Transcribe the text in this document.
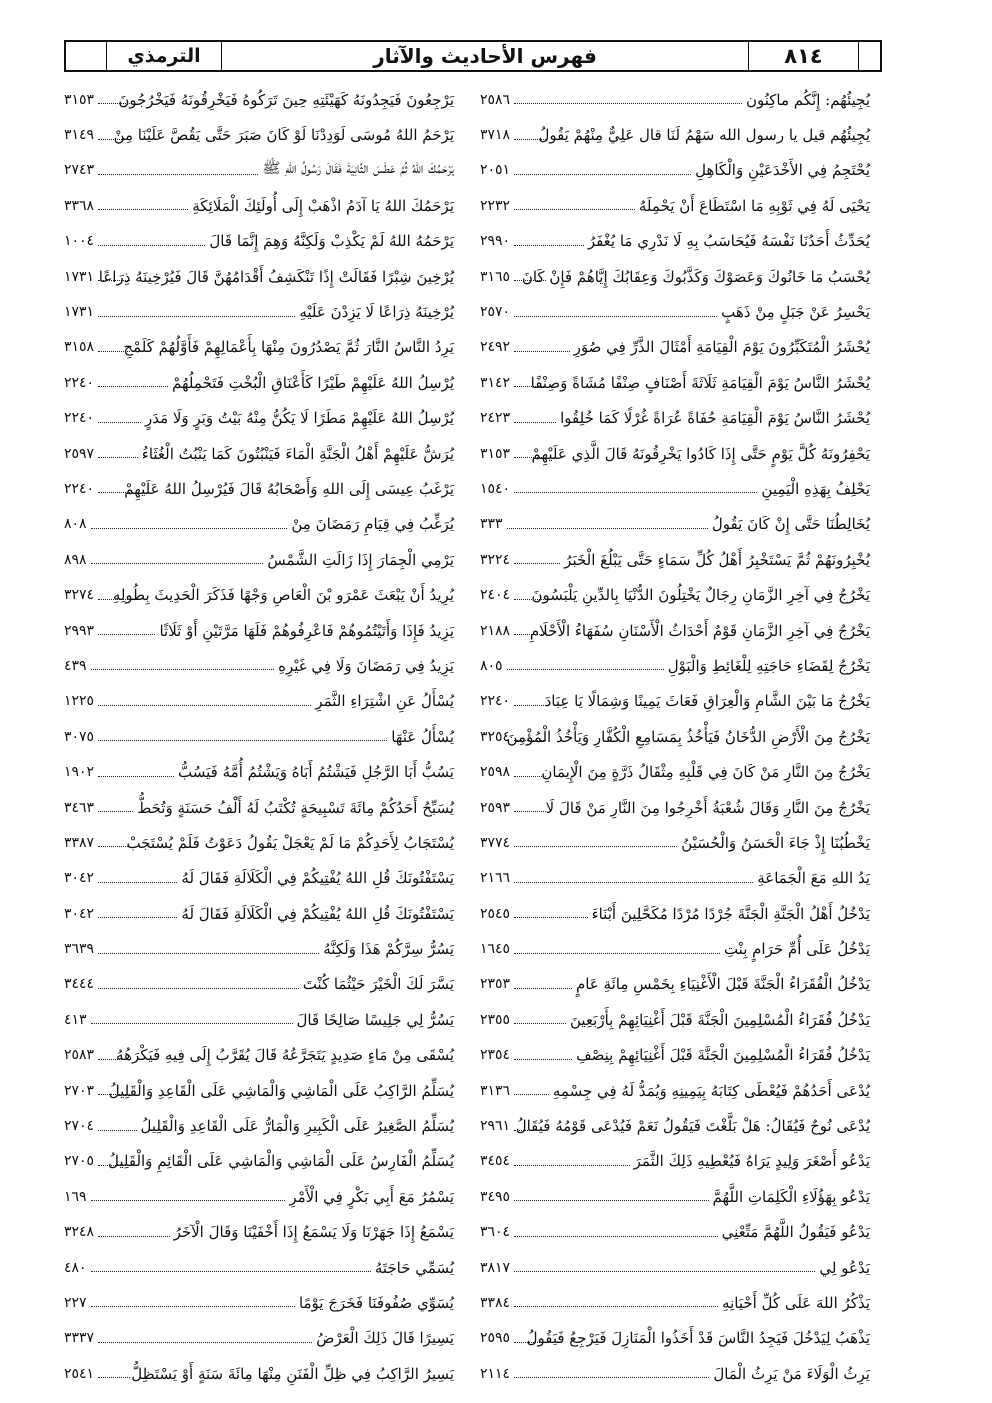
٨١٤
فهرس الأحاديث والآثار
الترمذي
يُجِيئُهُم: إِنَّكُم ماكِنُون
٢٥٨٦
يُجِيئُهُم قيل يا رسول الله سَهْمُ لَنَا قال عَلِيٌّ مِنْهُمْ يَقُولُ
٣٧١٨
يُحْتَجِمُ فِي الأَخْدَعَيْنِ وَالْكَاهِلِ
٢٠٥١
يَحْيَى لَهُ فِي ثَوْبِهِ مَا اسْتَطَاعَ أَنْ يَحْمِلَهُ
٢٢٣٢
يُحَدِّثُ أَحَدُنَا نَفْسَهُ فَيُحَاسَبُ بِهِ لَا نَدْرِي مَا يُغْفَرُ
٢٩٩٠
يُحْسَبُ مَا خَانُوكَ وَعَصَوْكَ وَكَذَّبُوكَ وَعِقَابُكَ إِيَّاهُمْ فَإِنْ كَانَ
٣١٦٥
يَحْسِرُ عَنْ جَبَلٍ مِنْ ذَهَبٍ
٢٥٧٠
يُحْشَرُ الْمُتَكَبِّرُونَ يَوْمَ الْقِيَامَةِ أَمْثَالَ الذَّرِّ فِي صُوَرِ
٢٤٩٢
يُحْشَرُ النَّاسُ يَوْمَ الْقِيَامَةِ ثَلَاثَةَ أَصْنَافٍ صِنْفًا مُشَاةً وَصِنْفًا
٣١٤٢
يُحْشَرُ النَّاسُ يَوْمَ الْقِيَامَةِ حُفَاةً عُرَاةً غُرْلًا كَمَا خُلِقُوا
٢٤٢٣
يَحْفِرُونَهُ كُلَّ يَوْمٍ حَتَّى إِذَا كَادُوا يَخْرِقُونَهُ قَالَ الَّذِي عَلَيْهِمْ
٣١٥٣
يَحْلِفُ بِهَذِهِ الْيَمِينِ
١٥٤٠
يُخَالِطُنَا حَتَّى إِنْ كَانَ يَقُولُ
٣٣٣
يُخْبِرُونَهُمْ ثُمَّ يَسْتَخْبِرُ أَهْلُ كُلِّ سَمَاءٍ حَتَّى يَبْلُغَ الْخَبَرُ
٣٢٢٤
يَخْرُجُ فِي آخِرِ الزَّمَانِ رِجَالٌ يَخْتِلُونَ الدُّنْيَا بِالدِّينِ يَلْبَسُونَ
٢٤٠٤
يَخْرُجُ فِي آخِرِ الزَّمَانِ قَوْمٌ أَحْدَاثُ الْأَسْنَانِ سُفَهَاءُ الْأَحْلَامِ
٢١٨٨
يَخْرُجُ لِقَضَاءِ حَاجَتِهِ لِلْغَائِطِ وَالْبَوْلِ
٨٠٥
يَخْرُجُ مَا بَيْنَ الشَّامِ وَالْعِرَاقِ فَعَاثَ يَمِينًا وَشِمَالًا يَا عِبَادَ
٢٢٤٠
يَخْرُجُ مِنَ الْأَرْضِ الدُّخَانُ فَيَأْخُذُ بِمَسَامِعِ الْكُفَّارِ وَيَأْخُذُ الْمُؤْمِنَ
٣٢٥٤
يَخْرُجُ مِنَ النَّارِ مَنْ كَانَ فِي قَلْبِهِ مِثْقَالُ ذَرَّةٍ مِنَ الْإِيمَانِ
٢٥٩٨
يَخْرُجُ مِنَ النَّارِ وَقَالَ شُعْبَةُ أَخْرِجُوا مِنَ النَّارِ مَنْ قَالَ لَا
٢٥٩٣
يَخْطُبُنَا إِذْ جَاءَ الْحَسَنُ وَالْحُسَيْنُ
٣٧٧٤
يَدُ اللهِ مَعَ الْجَمَاعَةِ
٢١٦٦
يَدْخُلُ أَهْلُ الْجَنَّةِ الْجَنَّةَ جُرْدًا مُرْدًا مُكَحَّلِينَ أَبْنَاءَ
٢٥٤٥
يَدْخُلُ عَلَى أُمِّ حَرَامٍ بِنْتِ
١٦٤٥
يَدْخُلُ الْفُقَرَاءُ الْجَنَّةَ قَبْلَ الْأَغْنِيَاءِ بِخَمْسِ مِائَةِ عَامٍ
٢٣٥٣
يَدْخُلُ فُقَرَاءُ الْمُسْلِمِينَ الْجَنَّةَ قَبْلَ أَغْنِيَائِهِمْ بِأَرْبَعِينَ
٢٣٥٥
يَدْخُلُ فُقَرَاءُ الْمُسْلِمِينَ الْجَنَّةَ قَبْلَ أَغْنِيَائِهِمْ بِنِصْفِ
٢٣٥٤
يُدْعَى أَحَدُهُمْ فَيُعْطَى كِتَابَهُ بِيَمِينِهِ وَيُمَدُّ لَهُ فِي جِسْمِهِ
٣١٣٦
يُدْعَى نُوحٌ فَيُقَالُ: هَلْ بَلَّغْتَ فَيَقُولُ نَعَمْ فَيُدْعَى قَوْمُهُ فَيُقَالُ
٢٩٦١
يَدْعُو أَصْغَرَ وَلِيدٍ يَرَاهُ فَيُعْطِيهِ ذَلِكَ الثَّمَرَ
٣٤٥٤
يَدْعُو بِهَؤُلَاءِ الْكَلِمَاتِ اللَّهُمَّ
٣٤٩٥
يَدْعُو فَيَقُولُ اللَّهُمَّ مَتِّعْنِي
٣٦٠٤
يَدْعُو لِي
٣٨١٧
يَذْكُرُ اللهَ عَلَى كُلِّ أَحْيَانِهِ
٣٣٨٤
يَذْهَبُ لِيَدْخُلَ فَيَجِدُ النَّاسَ قَدْ أَخَذُوا الْمَنَازِلَ فَيَرْجِعُ فَيَقُولُ
٢٥٩٥
يَرِثُ الْوَلَاءَ مَنْ يَرِثُ الْمَالَ
٢١١٤
يَرْجِعُونَ فَيَجِدُونَهُ كَهَيْئَتِهِ حِينَ تَرَكُوهُ فَيَخْرِقُونَهُ فَيَخْرُجُونَ
٣١٥٣
يَرْحَمُ اللهُ مُوسَى لَوَدِدْنَا لَوْ كَانَ صَبَرَ حَتَّى يَقُصَّ عَلَيْنَا مِنْ
٣١٤٩
يَرْحَمُكَ اللهُ ثُمَّ عَطَسَ الثَّانِيَةَ فَقَالَ رَسُولُ اللهِ ﷺ
٢٧٤٣
يَرْحَمُكَ اللهُ يَا آدَمُ اذْهَبْ إِلَى أُولَئِكَ الْمَلَائِكَةِ
٣٣٦٨
يَرْحَمُهُ اللهُ لَمْ يَكْذِبْ وَلَكِنَّهُ وَهِمَ إِنَّمَا قَالَ
١٠٠٤
يُرْخِينَ شِبْرًا فَقَالَتْ إِذًا تَنْكَشِفُ أَقْدَامُهُنَّ قَالَ فَيُرْخِينَهُ ذِرَاعًا
١٧٣١
يُرْخِينَهُ ذِرَاعًا لَا يَزِدْنَ عَلَيْهِ
١٧٣١
يَرِدُ النَّاسُ النَّارَ ثُمَّ يَصْدُرُونَ مِنْهَا بِأَعْمَالِهِمْ فَأَوَّلُهُمْ كَلَمْحِ
٣١٥٨
يُرْسِلُ اللهُ عَلَيْهِمْ طَيْرًا كَأَعْنَاقِ الْبُخْتِ فَتَحْمِلُهُمْ
٢٢٤٠
يُرْسِلُ اللهُ عَلَيْهِمْ مَطَرًا لَا يَكُنُّ مِنْهُ بَيْتُ وَبَرٍ وَلَا مَدَرٍ
٢٢٤٠
يُرَشُّ عَلَيْهِمْ أَهْلُ الْجَنَّةِ الْمَاءَ فَيَنْبُتُونَ كَمَا يَنْبُتُ الْغُثَاءُ
٢٥٩٧
يَرْغَبُ عِيسَى إِلَى اللهِ وَأَصْحَابُهُ قَالَ فَيُرْسِلُ اللهُ عَلَيْهِمْ
٢٢٤٠
يُرَغِّبُ فِي قِيَامِ رَمَضَانَ مِنْ
٨٠٨
يَرْمِي الْجِمَارَ إِذَا زَالَتِ الشَّمْسُ
٨٩٨
يُرِيدُ أَنْ يَبْعَثَ عَمْرَو بْنَ الْعَاصِ وَجْهًا فَذَكَرَ الْحَدِيثَ بِطُولِهِ
٣٢٧٤
يَزِيدُ فَإِذَا وَأَتَيْتُمُوهُمْ فَاعْرِفُوهُمْ فَلَهَا مَرَّتَيْنِ أَوْ ثَلَاثًا
٢٩٩٣
يَزِيدُ فِي رَمَضَانَ وَلَا فِي غَيْرِهِ
٤٣٩
يُسْأَلُ عَنِ اشْتِرَاءِ الثَّمَرِ
١٢٢٥
يُسْأَلُ عَنْهَا
٣٠٧٥
يَسُبُّ أَبَا الرَّجُلِ فَيَشْتُمُ أَبَاهُ وَيَشْتُمُ أُمَّهُ فَيَسُبُّ
١٩٠٢
يُسَبِّحُ أَحَدُكُمْ مِائَةَ تَسْبِيحَةٍ تُكْتَبُ لَهُ أَلْفُ حَسَنَةٍ وَتُحَطُّ
٣٤٦٣
يُسْتَجَابُ لِأَحَدِكُمْ مَا لَمْ يَعْجَلْ يَقُولُ دَعَوْتُ فَلَمْ يُسْتَجَبْ
٣٣٨٧
يَسْتَفْتُونَكَ قُلِ اللهُ يُفْتِيكُمْ فِي الْكَلَالَةِ فَقَالَ لَهُ
٣٠٤٢
يَسْتَفْتُونَكَ قُلِ اللهُ يُفْتِيكُمْ فِي الْكَلَالَةِ فَقَالَ لَهُ
٣٠٤٢
يَسُرُّ سِرَّكُمْ هَذَا وَلَكِنَّهُ
٣٦٣٩
يَسَّرَ لَكَ الْخَيْرَ حَيْثُمَا كُنْتَ
٣٤٤٤
يَسُرُّ لِي جَلِيسًا صَالِحًا قَالَ
٤١٣
يُسْقَى مِنْ مَاءٍ صَدِيدٍ يَتَجَرَّعُهُ قَالَ يُقَرَّبُ إِلَى فِيهِ فَيَكْرَهُهُ
٢٥٨٣
يُسَلِّمُ الرَّاكِبُ عَلَى الْمَاشِي وَالْمَاشِي عَلَى الْقَاعِدِ وَالْقَلِيلُ
٢٧٠٣
يُسَلِّمُ الصَّغِيرُ عَلَى الْكَبِيرِ وَالْمَارُّ عَلَى الْقَاعِدِ وَالْقَلِيلُ
٢٧٠٤
يُسَلِّمُ الْفَارِسُ عَلَى الْمَاشِي وَالْمَاشِي عَلَى الْقَائِمِ وَالْقَلِيلُ
٢٧٠٥
يَسْمُرُ مَعَ أَبِي بَكْرٍ فِي الْأَمْرِ
١٦٩
يَسْمَعُ إِذَا جَهَرْنَا وَلَا يَسْمَعُ إِذَا أَخْفَيْنَا وَقَالَ الْآخَرُ
٣٢٤٨
يُسَمِّي حَاجَتَهُ
٤٨٠
يُسَوِّي صُفُوفَنَا فَخَرَجَ يَوْمًا
٢٢٧
يَسِيرًا قَالَ ذَلِكَ الْعَرْضُ
٣٣٣٧
يَسِيرُ الرَّاكِبُ فِي ظِلِّ الْفَنَنِ مِنْهَا مِائَةَ سَنَةٍ أَوْ يَسْتَظِلُّ
٢٥٤١
